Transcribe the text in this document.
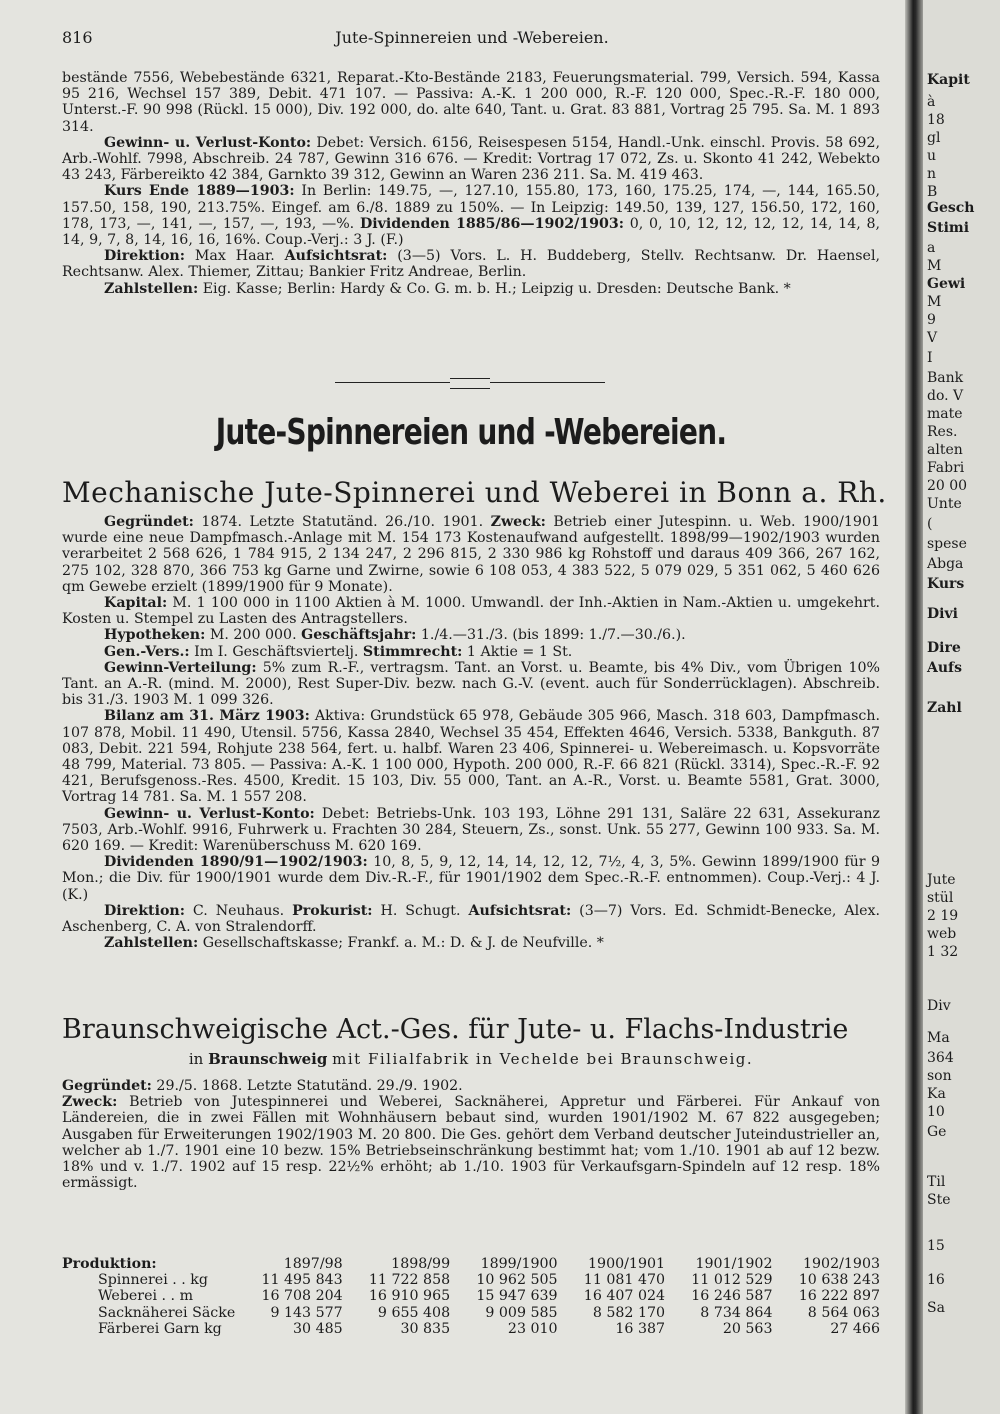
816	Jute-Spinnereien und -Webereien.

bestände 7556, Webebestände 6321, Reparat.-Kto-Bestände 2183, Feuerungsmaterial. 799, Versich. 594, Kassa 95 216, Wechsel 157 389, Debit. 471 107. — Passiva: A.-K. 1 200 000, R.-F. 120 000, Spec.-R.-F. 180 000, Unterst.-F. 90 998 (Rückl. 15 000), Div. 192 000, do. alte 640, Tant. u. Grat. 83 881, Vortrag 25 795. Sa. M. 1 893 314.

Gewinn- u. Verlust-Konto: Debet: Versich. 6156, Reisespesen 5154, Handl.-Unk. einschl. Provis. 58 692, Arb.-Wohlf. 7998, Abschreib. 24 787, Gewinn 316 676. — Kredit: Vortrag 17 072, Zs. u. Skonto 41 242, Webekto 43 243, Färbereikto 42 384, Garnkto 39 312, Gewinn an Waren 236 211. Sa. M. 419 463.

Kurs Ende 1889—1903: In Berlin: 149.75, —, 127.10, 155.80, 173, 160, 175.25, 174, —, 144, 165.50, 157.50, 158, 190, 213.75%. Eingef. am 6./8. 1889 zu 150%. — In Leipzig: 149.50, 139, 127, 156.50, 172, 160, 178, 173, —, 141, —, 157, —, 193, —%. Dividenden 1885/86—1902/1903: 0, 0, 10, 12, 12, 12, 12, 14, 14, 8, 14, 9, 7, 8, 14, 16, 16, 16%. Coup.-Verj.: 3 J. (F.)

Direktion: Max Haar. Aufsichtsrat: (3—5) Vors. L. H. Buddeberg, Stellv. Rechtsanw. Dr. Haensel, Rechtsanw. Alex. Thiemer, Zittau; Bankier Fritz Andreae, Berlin.

Zahlstellen: Eig. Kasse; Berlin: Hardy & Co. G. m. b. H.; Leipzig u. Dresden: Deutsche Bank. *

Jute-Spinnereien und -Webereien.
Mechanische Jute-Spinnerei und Weberei in Bonn a. Rh.

Gegründet: 1874. Letzte Statutänd. 26./10. 1901. Zweck: Betrieb einer Jutespinn. u. Web. 1900/1901 wurde eine neue Dampfmasch.-Anlage mit M. 154 173 Kostenaufwand aufgestellt. 1898/99—1902/1903 wurden verarbeitet 2 568 626, 1 784 915, 2 134 247, 2 296 815, 2 330 986 kg Rohstoff und daraus 409 366, 267 162, 275 102, 328 870, 366 753 kg Garne und Zwirne, sowie 6 108 053, 4 383 522, 5 079 029, 5 351 062, 5 460 626 qm Gewebe erzielt (1899/1900 für 9 Monate).

Kapital: M. 1 100 000 in 1100 Aktien à M. 1000. Umwandl. der Inh.-Aktien in Nam.-Aktien u. umgekehrt. Kosten u. Stempel zu Lasten des Antragstellers.

Hypotheken: M. 200 000. Geschäftsjahr: 1./4.—31./3. (bis 1899: 1./7.—30./6.).

Gen.-Vers.: Im I. Geschäftsviertelj. Stimmrecht: 1 Aktie = 1 St.

Gewinn-Verteilung: 5% zum R.-F., vertragsm. Tant. an Vorst. u. Beamte, bis 4% Div., vom Übrigen 10% Tant. an A.-R. (mind. M. 2000), Rest Super-Div. bezw. nach G.-V. (event. auch für Sonderrücklagen). Abschreib. bis 31./3. 1903 M. 1 099 326.

Bilanz am 31. März 1903: Aktiva: Grundstück 65 978, Gebäude 305 966, Masch. 318 603, Dampfmasch. 107 878, Mobil. 11 490, Utensil. 5756, Kassa 2840, Wechsel 35 454, Effekten 4646, Versich. 5338, Bankguth. 87 083, Debit. 221 594, Rohjute 238 564, fert. u. halbf. Waren 23 406, Spinnerei- u. Webereimasch. u. Kopsvorräte 48 799, Material. 73 805. — Passiva: A.-K. 1 100 000, Hypoth. 200 000, R.-F. 66 821 (Rückl. 3314), Spec.-R.-F. 92 421, Berufsgenoss.-Res. 4500, Kredit. 15 103, Div. 55 000, Tant. an A.-R., Vorst. u. Beamte 5581, Grat. 3000, Vortrag 14 781. Sa. M. 1 557 208.

Gewinn- u. Verlust-Konto: Debet: Betriebs-Unk. 103 193, Löhne 291 131, Saläre 22 631, Assekuranz 7503, Arb.-Wohlf. 9916, Fuhrwerk u. Frachten 30 284, Steuern, Zs., sonst. Unk. 55 277, Gewinn 100 933. Sa. M. 620 169. — Kredit: Warenüberschuss M. 620 169.

Dividenden 1890/91—1902/1903: 10, 8, 5, 9, 12, 14, 14, 12, 12, 7½, 4, 3, 5%. Gewinn 1899/1900 für 9 Mon.; die Div. für 1900/1901 wurde dem Div.-R.-F., für 1901/1902 dem Spec.-R.-F. entnommen). Coup.-Verj.: 4 J. (K.)

Direktion: C. Neuhaus. Prokurist: H. Schugt. Aufsichtsrat: (3—7) Vors. Ed. Schmidt-Benecke, Alex. Aschenberg, C. A. von Stralendorff.

Zahlstellen: Gesellschaftskasse; Frankf. a. M.: D. & J. de Neufville. *

Braunschweigische Act.-Ges. für Jute- u. Flachs-Industrie
in Braunschweig mit Filialfabrik in Vechelde bei Braunschweig.

Gegründet: 29./5. 1868. Letzte Statutänd. 29./9. 1902.

Zweck: Betrieb von Jutespinnerei und Weberei, Sacknäherei, Appretur und Färberei. Für Ankauf von Ländereien, die in zwei Fällen mit Wohnhäusern bebaut sind, wurden 1901/1902 M. 67 822 ausgegeben; Ausgaben für Erweiterungen 1902/1903 M. 20 800. Die Ges. gehört dem Verband deutscher Juteindustrieller an, welcher ab 1./7. 1901 eine 10 bezw. 15% Betriebseinschränkung bestimmt hat; vom 1./10. 1901 ab auf 12 bezw. 18% und v. 1./7. 1902 auf 15 resp. 22½% erhöht; ab 1./10. 1903 für Verkaufsgarn-Spindeln auf 12 resp. 18% ermässigt.

Produktion:	1897/98	1898/99	1899/1900	1900/1901	1901/1902	1902/1903
Spinnerei . . kg	11 495 843	11 722 858	10 962 505	11 081 470	11 012 529	10 638 243
Weberei . . m	16 708 204	16 910 965	15 947 639	16 407 024	16 246 587	16 222 897
Sacknäherei Säcke	9 143 577	9 655 408	9 009 585	8 582 170	8 734 864	8 564 063
Färberei Garn kg	30 485	30 835	23 010	16 387	20 563	27 466
Kapit
à
18
gl
u
n
B
Gesch
Stimi
a
M
Gewi
M
9
V
I
Bank
do. V
mate
Res.
alten
Fabri
20 00
Unte
(
spese
Abga
Kurs
Divi
Dire
Aufs
Zahl
Jute
stül
2 19
web
1 32
Div
Ma
364
son
Ka
10
Ge
Til
Ste
15
16
Sa
